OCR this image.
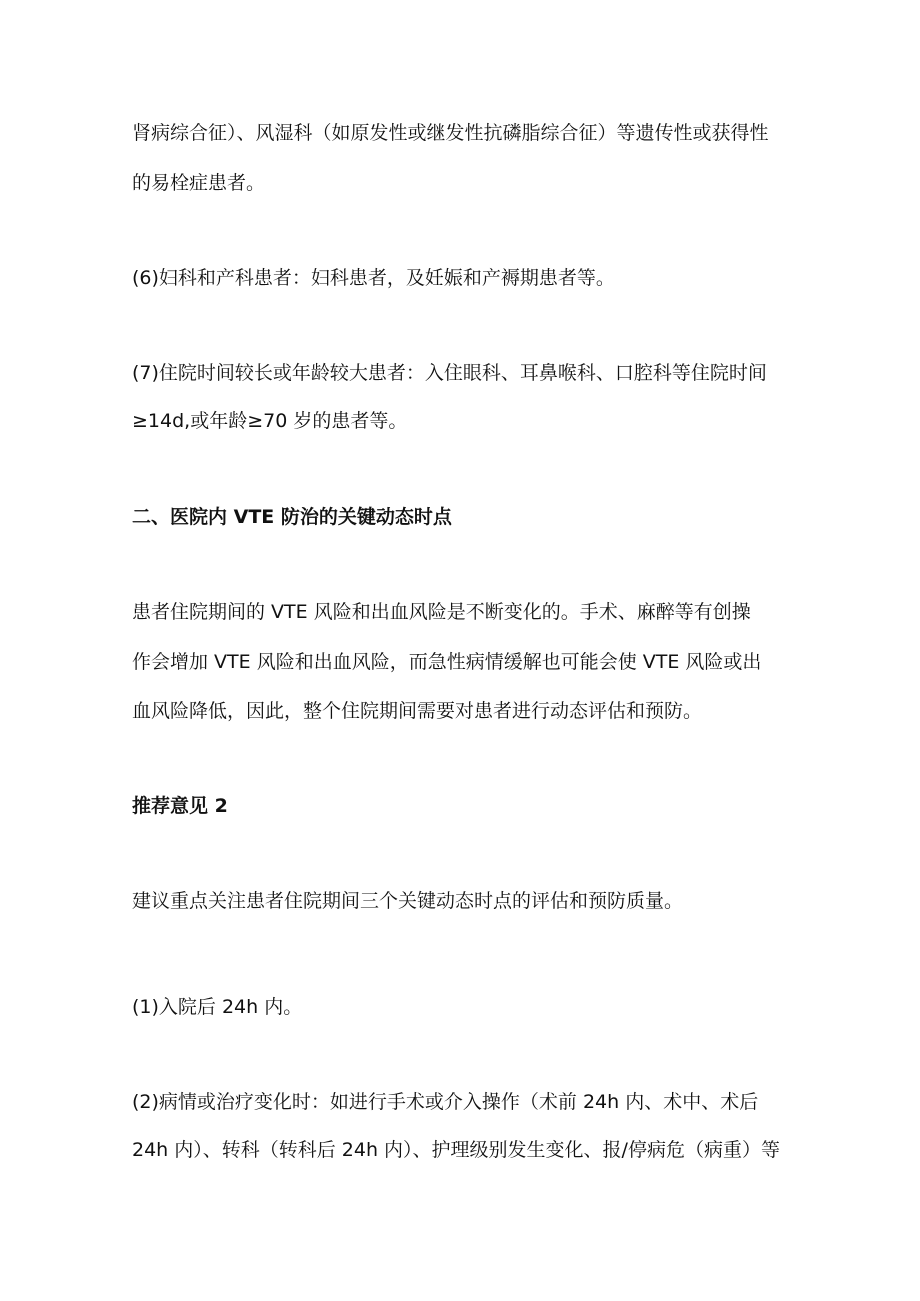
肾病综合征）、风湿科（如原发性或继发性抗磷脂综合征）等遗传性或获得性
的易栓症患者。
(6)妇科和产科患者：妇科患者，及妊娠和产褥期患者等。
(7)住院时间较长或年龄较大患者：入住眼科、耳鼻喉科、口腔科等住院时间
≥14d,或年龄≥70 岁的患者等。
二、医院内 VTE 防治的关键动态时点
患者住院期间的 VTE 风险和出血风险是不断变化的。手术、麻醉等有创操
作会增加 VTE 风险和出血风险，而急性病情缓解也可能会使 VTE 风险或出
血风险降低，因此，整个住院期间需要对患者进行动态评估和预防。
推荐意见 2
建议重点关注患者住院期间三个关键动态时点的评估和预防质量。
(1)入院后 24h 内。
(2)病情或治疗变化时：如进行手术或介入操作（术前 24h 内、术中、术后
24h 内）、转科（转科后 24h 内）、护理级别发生变化、报/停病危（病重）等
